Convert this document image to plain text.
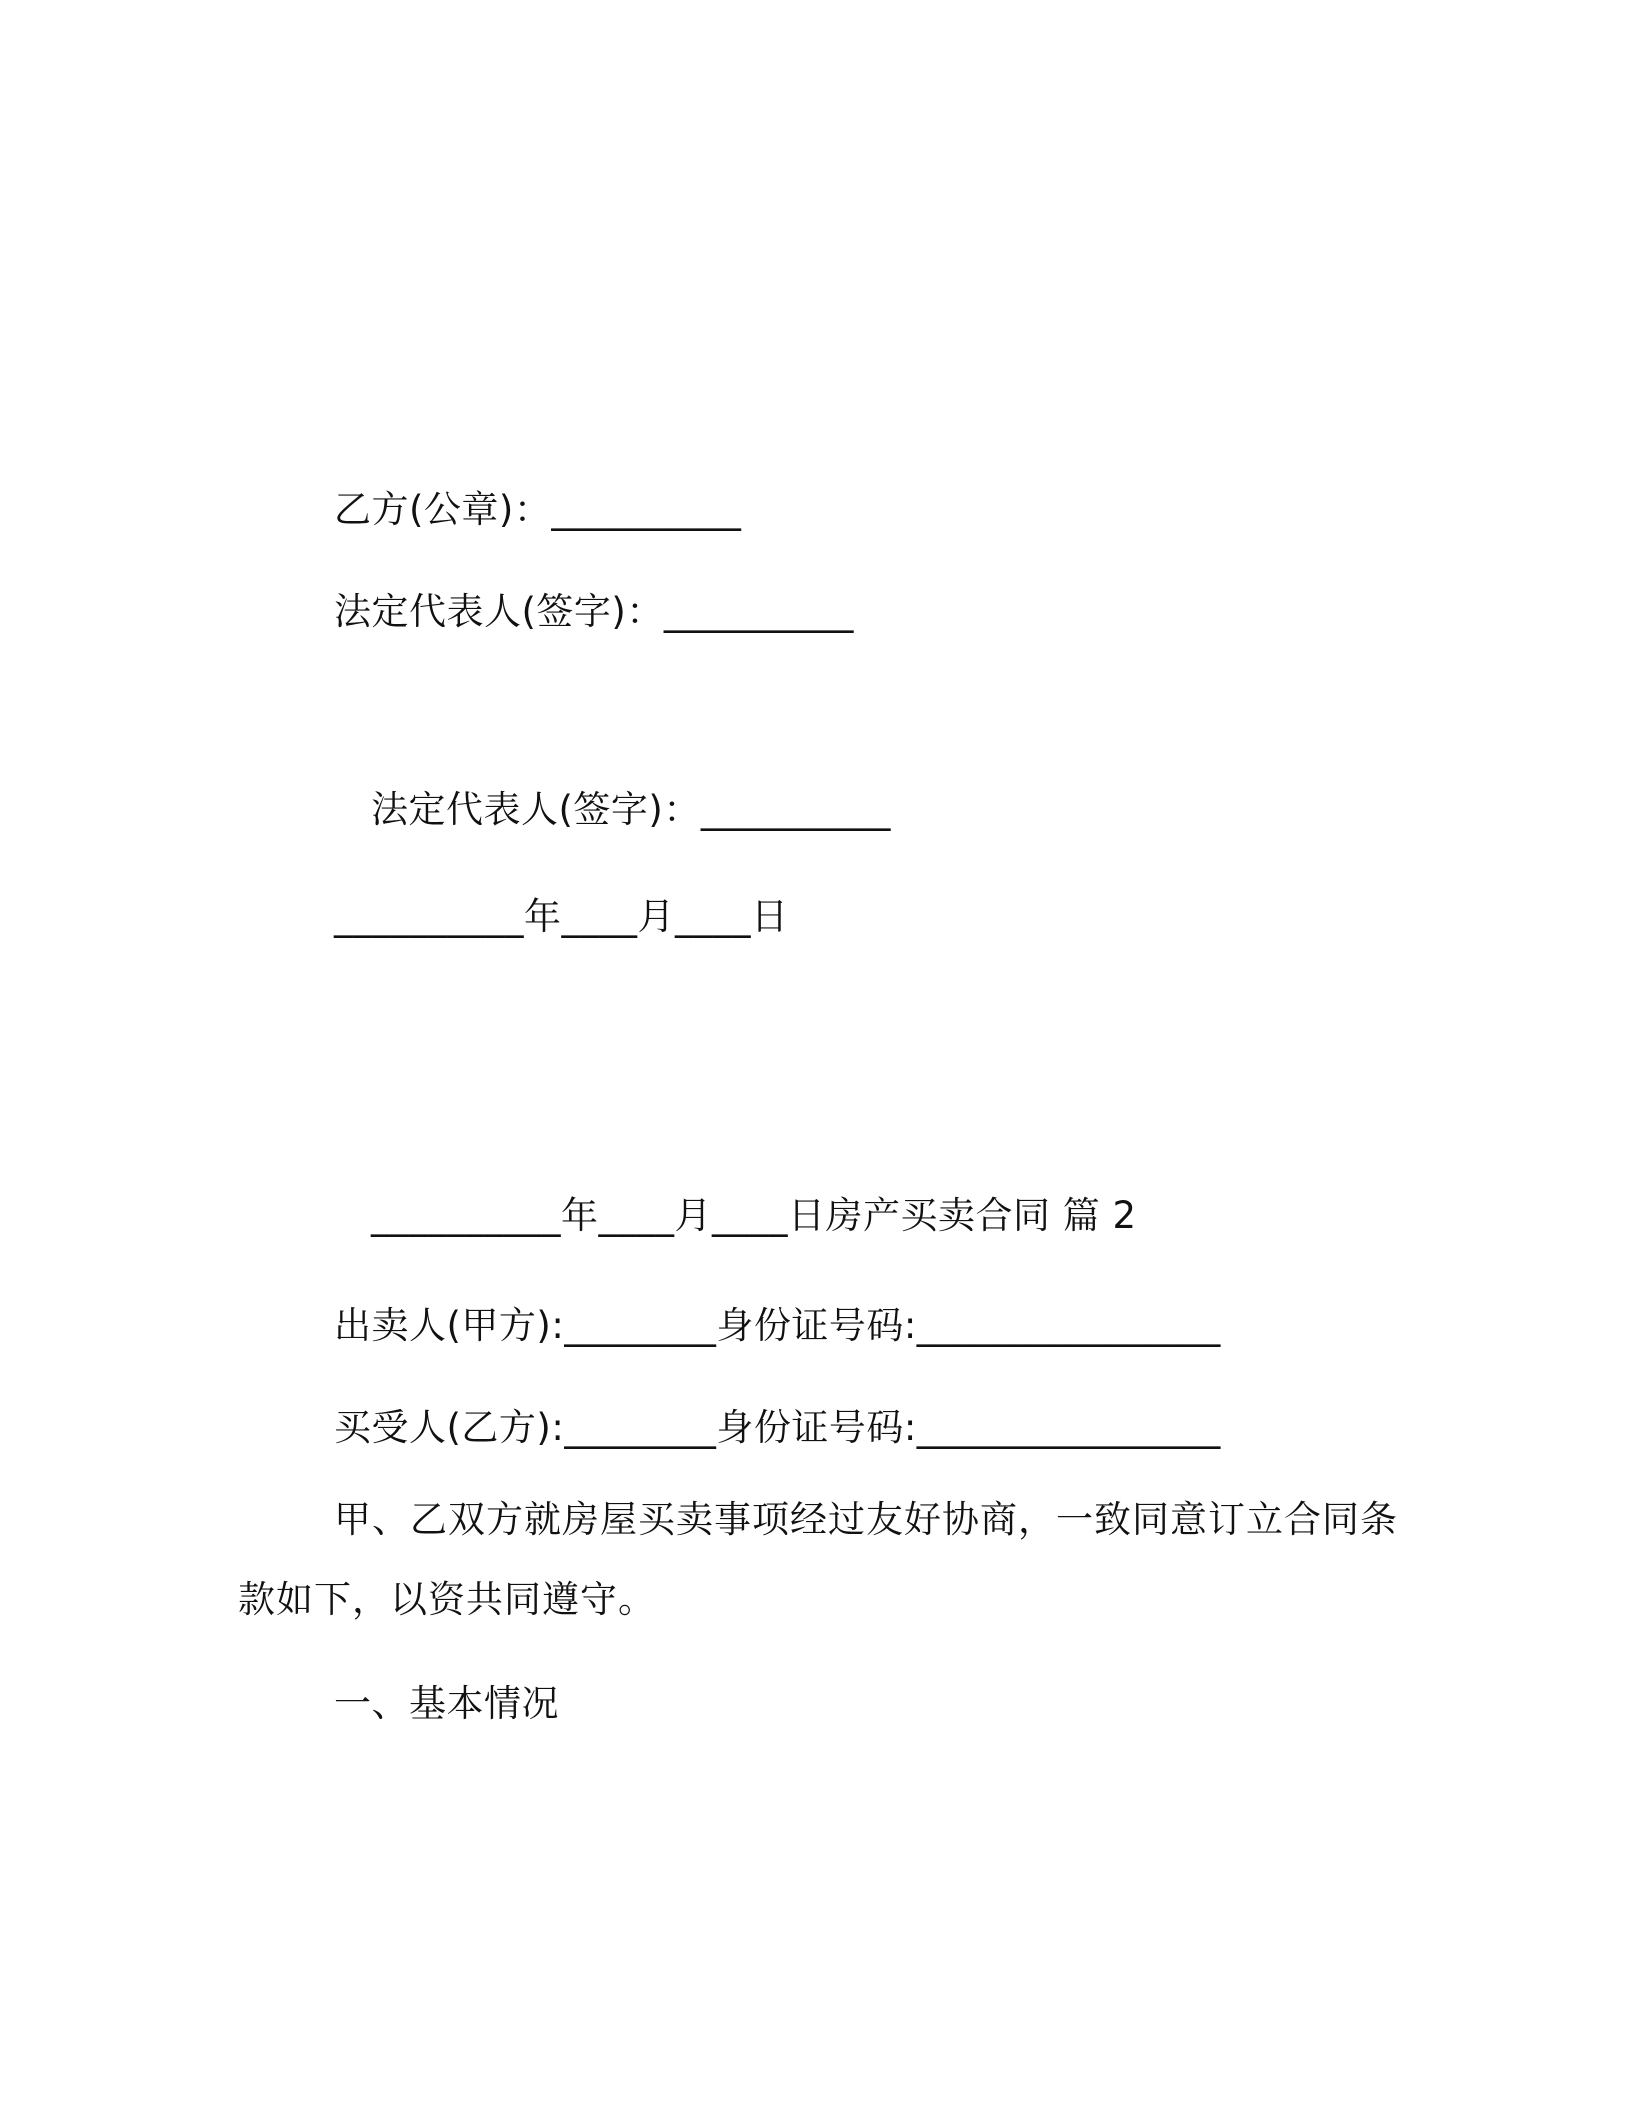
乙方(公章)：__________
法定代表人(签字)：__________
法定代表人(签字)：__________
__________年____月____日
__________年____月____日房产买卖合同 篇 2
出卖人(甲方):________身份证号码:________________
买受人(乙方):________身份证号码:________________
甲、乙双方就房屋买卖事项经过友好协商，一致同意订立合同条
款如下，以资共同遵守。
一、基本情况
